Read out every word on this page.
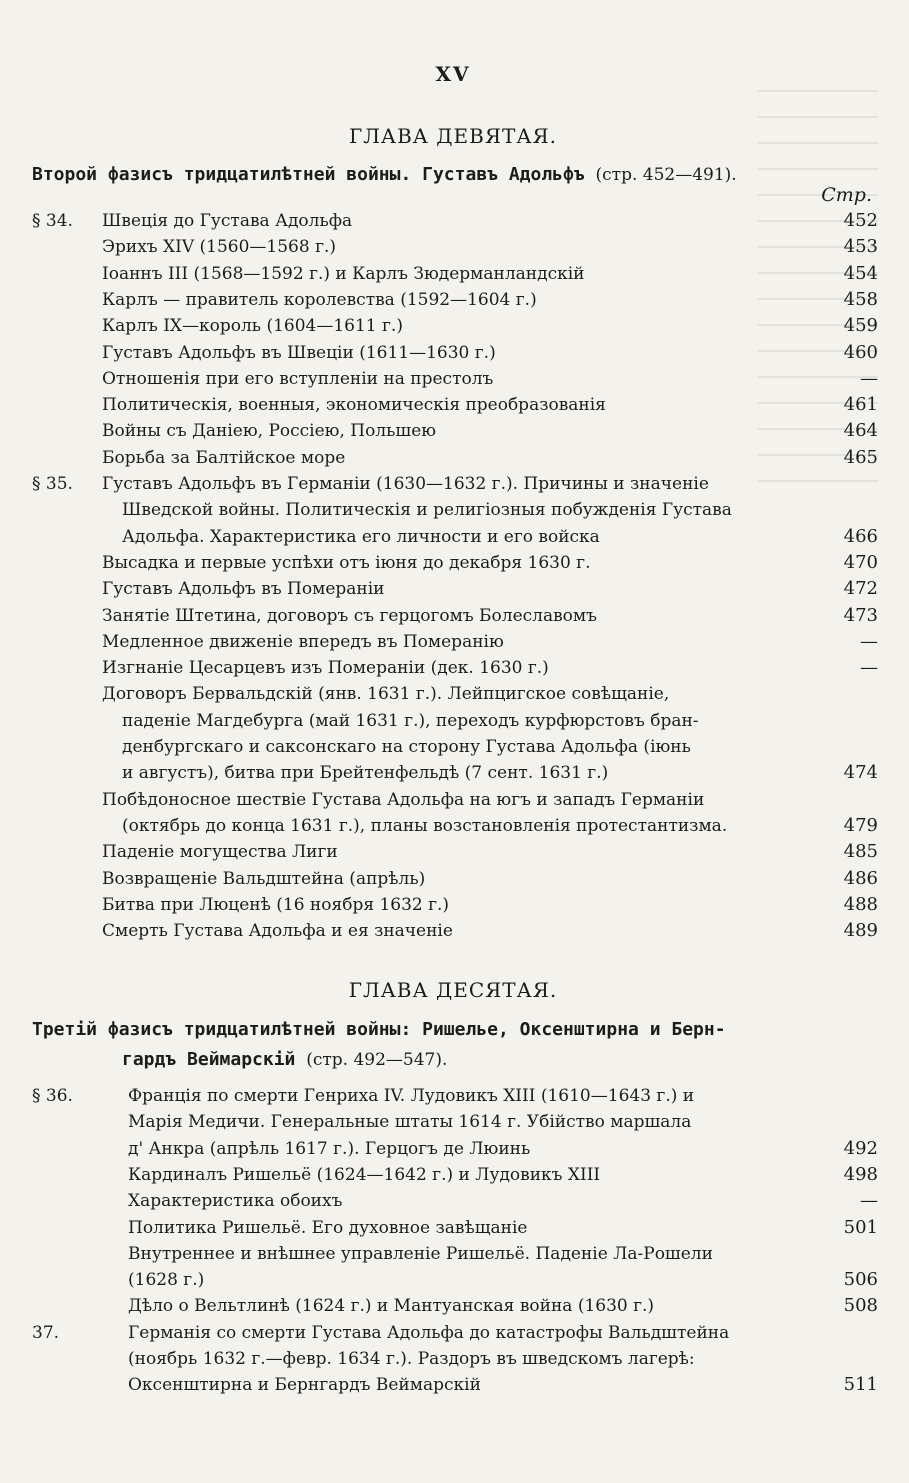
XV
ГЛАВА ДЕВЯТАЯ.
Второй фазисъ тридцатилѣтней войны. Густавъ Адольфъ (стр. 452—491).
Стр.
§ 34. Швеція до Густава Адольфа	452
Эрихъ XIV (1560—1568 г.)	453
Іоаннъ III (1568—1592 г.) и Карлъ Зюдерманландскій	454
Карлъ — правитель королевства (1592—1604 г.)	458
Карлъ IX—король (1604—1611 г.)	459
Густавъ Адольфъ въ Швеціи (1611—1630 г.)	460
Отношенія при его вступленіи на престолъ	—
Политическія, военныя, экономическія преобразованія	461
Войны съ Даніею, Россіею, Польшею	464
Борьба за Балтійское море	465
§ 35. Густавъ Адольфъ въ Германіи (1630—1632 г.). Причины и значеніе
Шведской войны. Политическія и религіозныя побужденія Густава
Адольфа. Характеристика его личности и его войска	466
Высадка и первые успѣхи отъ іюня до декабря 1630 г.	470
Густавъ Адольфъ въ Помераніи	472
Занятіе Штетина, договоръ съ герцогомъ Болеславомъ	473
Медленное движеніе впередъ въ Померанію	—
Изгнаніе Цесарцевъ изъ Помераніи (дек. 1630 г.)	—
Договоръ Бервальдскій (янв. 1631 г.). Лейпцигское совѣщаніе,
паденіе Магдебурга (май 1631 г.), переходъ курфюрстовъ бран-
денбургскаго и саксонскаго на сторону Густава Адольфа (іюнь
и августъ), битва при Брейтенфельдѣ (7 сент. 1631 г.)	474
Побѣдоносное шествіе Густава Адольфа на югъ и западъ Германіи
(октябрь до конца 1631 г.), планы возстановленія протестантизма.	479
Паденіе могущества Лиги	485
Возвращеніе Вальдштейна (апрѣль)	486
Битва при Люценѣ (16 ноября 1632 г.)	488
Смерть Густава Адольфа и ея значеніе	489
ГЛАВА ДЕСЯТАЯ.
Третій фазисъ тридцатилѣтней войны: Ришелье, Оксенштирна и Берн-
гардъ Веймарскій (стр. 492—547).
§ 36.	Франція по смерти Генриха IV. Лудовикъ XIII (1610—1643 г.) и
Марія Медичи. Генеральные штаты 1614 г. Убійство маршала
д' Анкра (апрѣль 1617 г.). Герцогъ де Люинь	492
Кардиналъ Ришельё (1624—1642 г.) и Лудовикъ XIII	498
Характеристика обоихъ	—
Политика Ришельё. Его духовное завѣщаніе	501
Внутреннее и внѣшнее управленіе Ришельё. Паденіе Ла-Рошели
(1628 г.)	506
Дѣло о Вельтлинѣ (1624 г.) и Мантуанская война (1630 г.)	508
37.	Германія со смерти Густава Адольфа до катастрофы Вальдштейна
(ноябрь 1632 г.—февр. 1634 г.). Раздоръ въ шведскомъ лагерѣ:
Оксенштирна и Бернгардъ Веймарскій	511
